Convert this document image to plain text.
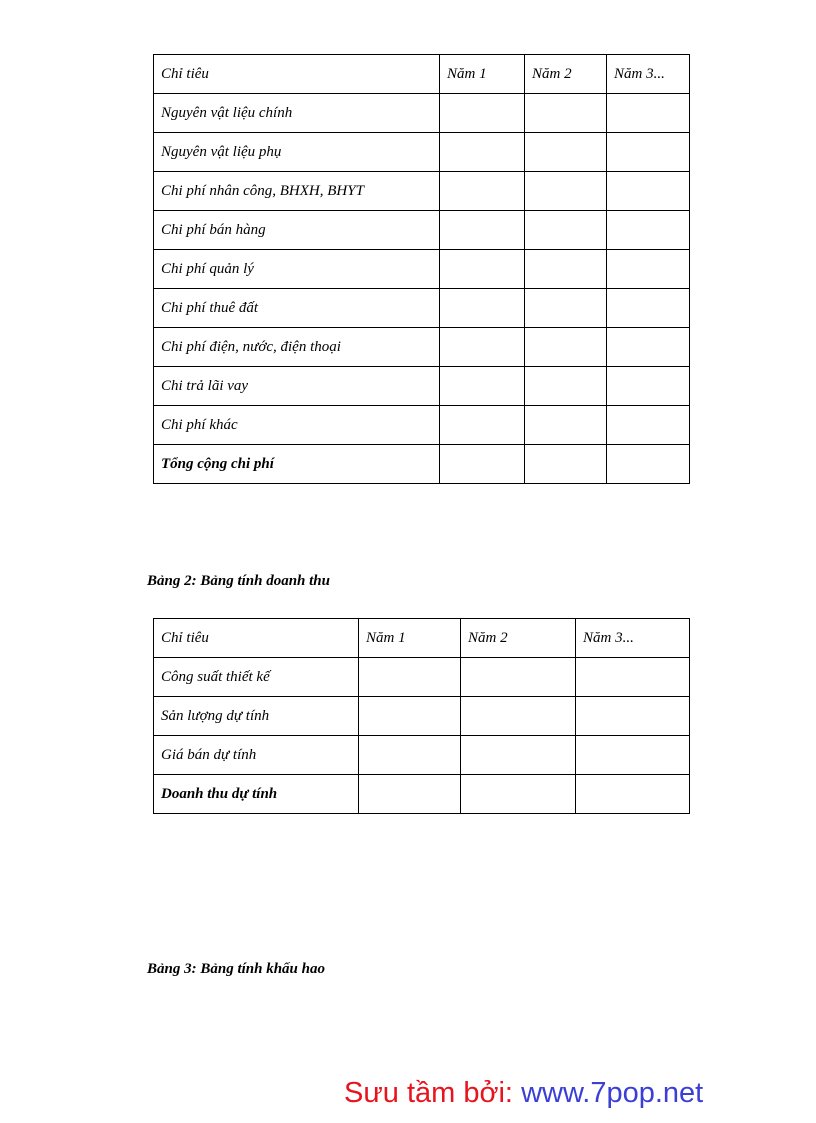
Chỉ tiêu	Năm 1	Năm 2	Năm 3...
Nguyên vật liệu chính			
Nguyên vật liệu phụ			
Chi phí nhân công, BHXH, BHYT			
Chi phí bán hàng			
Chi phí quản lý			
Chi phí thuê đất			
Chi phí điện, nước, điện thoại			
Chi trả lãi vay			
Chi phí khác			
Tổng cộng chi phí			

Bảng 2: Bảng tính doanh thu

Chỉ tiêu	Năm 1	Năm 2	Năm 3...
Công suất thiết kế			
Sản lượng dự tính			
Giá bán dự tính			
Doanh thu dự tính			

Bảng 3: Bảng tính khấu hao

Sưu tầm bởi: www.7pop.net
